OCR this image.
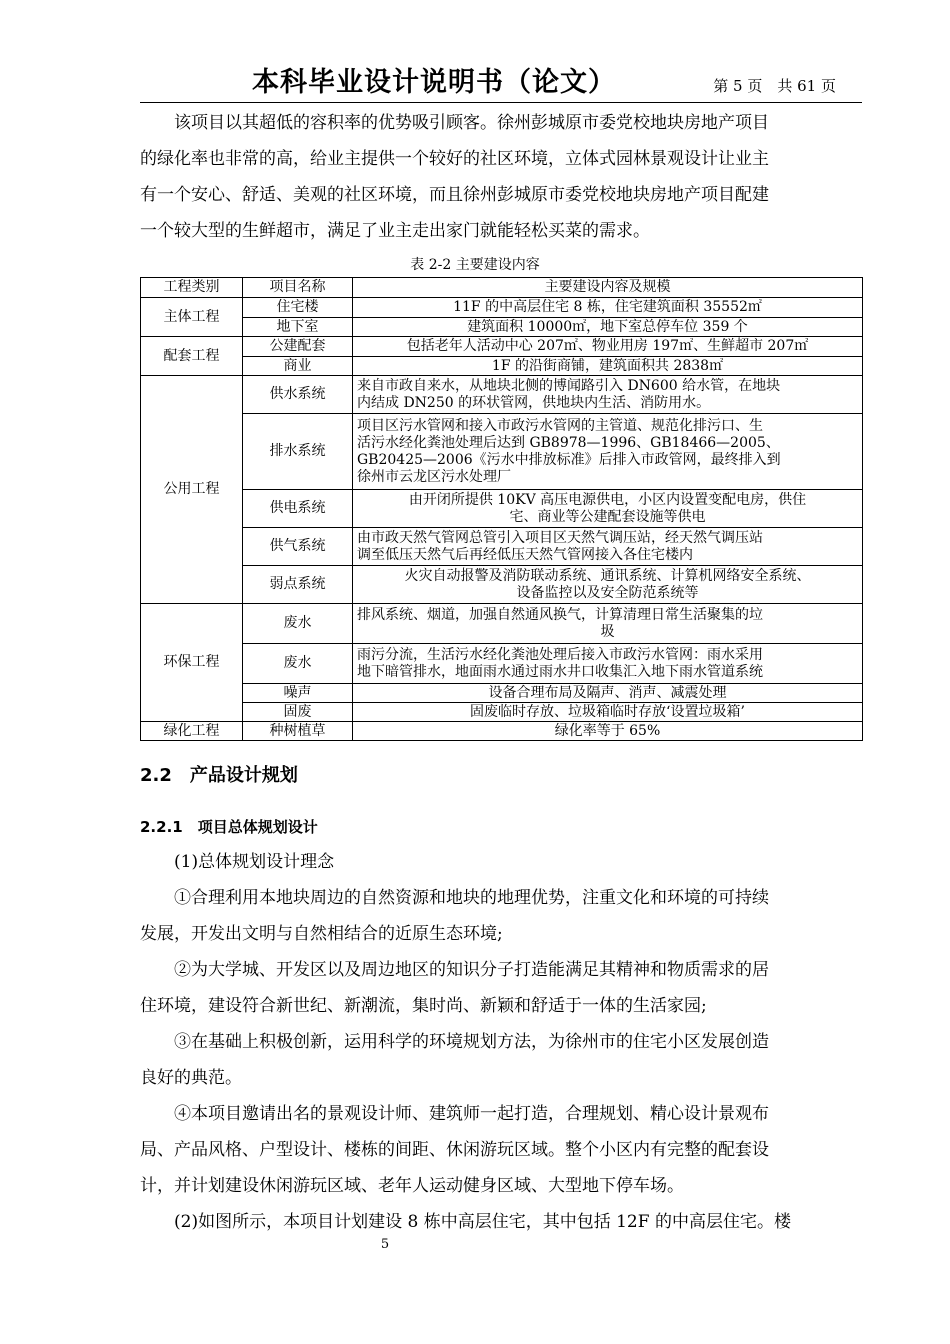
本科毕业设计说明书（论文）	第 5 页　共 61 页
　　该项目以其超低的容积率的优势吸引顾客。徐州彭城原市委党校地块房地产项目
的绿化率也非常的高，给业主提供一个较好的社区环境，立体式园林景观设计让业主
有一个安心、舒适、美观的社区环境，而且徐州彭城原市委党校地块房地产项目配建
一个较大型的生鲜超市，满足了业主走出家门就能轻松买菜的需求。
表 2-2 主要建设内容
工程类别	项目名称	主要建设内容及规模
主体工程	住宅楼	11F 的中高层住宅 8 栋，住宅建筑面积 35552㎡
	地下室	建筑面积 10000㎡，地下室总停车位 359 个
配套工程	公建配套	包括老年人活动中心 207㎡、物业用房 197㎡、生鲜超市 207㎡
	商业	1F 的沿街商铺，建筑面积共 2838㎡
公用工程	供水系统	来自市政自来水，从地块北侧的博闻路引入 DN600 给水管，在地块
内结成 DN250 的环状管网，供地块内生活、消防用水。

	排水系统	项目区污水管网和接入市政污水管网的主管道、规范化排污口、生
活污水经化粪池处理后达到 GB8978—1996、GB18466—2005、
GB20425—2006《污水中排放标准》后排入市政管网，最终排入到
徐州市云龙区污水处理厂

	供电系统	由开闭所提供 10KV 高压电源供电，小区内设置变配电房，供住
宅、商业等公建配套设施等供电

	供气系统	由市政天然气管网总管引入项目区天然气调压站，经天然气调压站
调至低压天然气后再经低压天然气管网接入各住宅楼内

	弱点系统	火灾自动报警及消防联动系统、通讯系统、计算机网络安全系统、
设备监控以及安全防范系统等

环保工程	废水	排风系统、烟道，加强自然通风换气，计算清理日常生活聚集的垃
圾

	废水	雨污分流，生活污水经化粪池处理后接入市政污水管网：雨水采用
地下暗管排水，地面雨水通过雨水井口收集汇入地下雨水管道系统

	噪声	设备合理布局及隔声、消声、减震处理
	固废	固废临时存放、垃圾箱临时存放‘设置垃圾箱’
绿化工程	种树植草	绿化率等于 65%
2.2　产品设计规划
2.2.1　项目总体规划设计
　　(1)总体规划设计理念
　　①合理利用本地块周边的自然资源和地块的地理优势，注重文化和环境的可持续
发展，开发出文明与自然相结合的近原生态环境;
　　②为大学城、开发区以及周边地区的知识分子打造能满足其精神和物质需求的居
住环境，建设符合新世纪、新潮流，集时尚、新颖和舒适于一体的生活家园;
　　③在基础上积极创新，运用科学的环境规划方法，为徐州市的住宅小区发展创造
良好的典范。
　　④本项目邀请出名的景观设计师、建筑师一起打造，合理规划、精心设计景观布
局、产品风格、户型设计、楼栋的间距、休闲游玩区域。整个小区内有完整的配套设
计，并计划建设休闲游玩区域、老年人运动健身区域、大型地下停车场。
　　(2)如图所示，本项目计划建设 8 栋中高层住宅，其中包括 12F 的中高层住宅。楼
5
